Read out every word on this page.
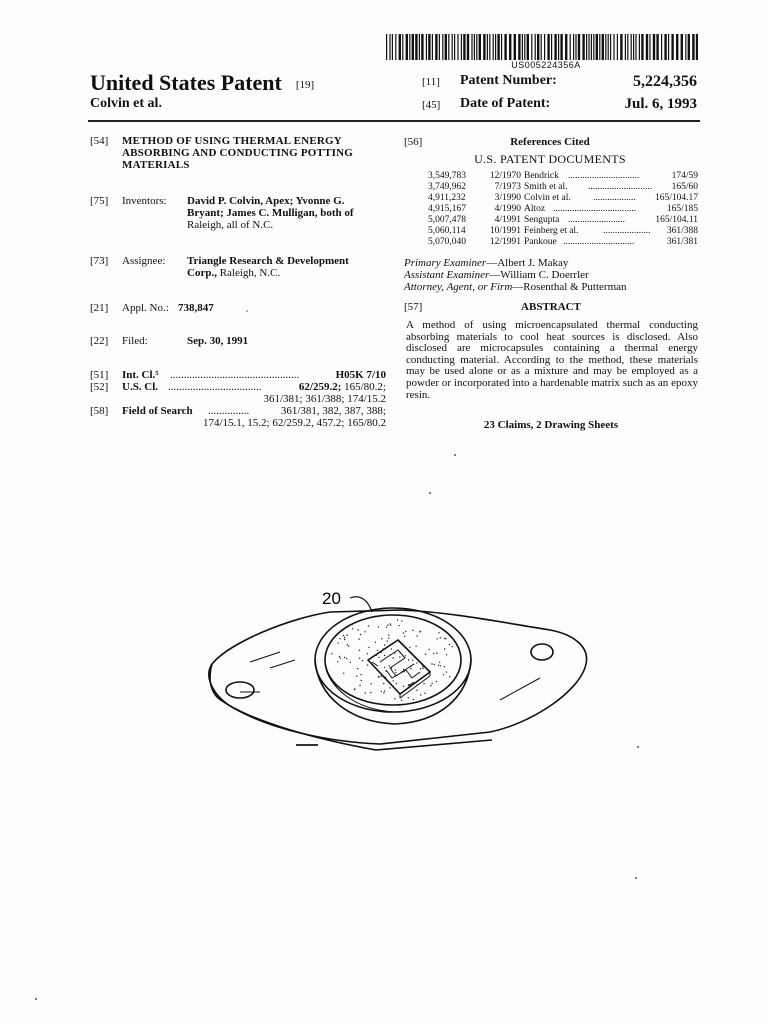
US005224356A
United States Patent [19]
Colvin et al.
[11] Patent Number:	5,224,356
[45] Date of Patent:	Jul. 6, 1993
[54] METHOD OF USING THERMAL ENERGY
ABSORBING AND CONDUCTING POTTING
MATERIALS
[75] Inventors: David P. Colvin, Apex; Yvonne G.
Bryant; James C. Mulligan, both of
Raleigh, all of N.C.
[73] Assignee: Triangle Research & Development
Corp., Raleigh, N.C.
[21] Appl. No.: 738,847
[22] Filed:	Sep. 30, 1991
[51] Int. Cl.⁵ ...............................................	H05K 7/10
[52] U.S. Cl. ..................................	62/259.2; 165/80.2;
361/381; 361/388; 174/15.2
[58] Field of Search ...............	361/381, 382, 387, 388;
174/15.1, 15.2; 62/259.2, 457.2; 165/80.2
[56]	References Cited
U.S. PATENT DOCUMENTS
3,549,783	12/1970 Bendrick	174/59
..............................
3,749,962	7/1973 Smith et al.	165/60
...........................
4,911,232	3/1990 Colvin et al.	165/104.17
..................
4,915,167	4/1990 Altoz	165/185
...................................
5,007,478	4/1991 Sengupta	165/104.11
........................
5,060,114	10/1991 Feinberg et al.	361/388
....................
5,070,040	12/1991 Pankoue	361/381
..............................
Primary Examiner—Albert J. Makay
Assistant Examiner—William C. Doerrler
Attorney, Agent, or Firm—Rosenthal & Putterman
[57]	ABSTRACT
A method of using microencapsulated thermal conducting absorbing materials to cool heat sources is disclosed. Also disclosed are microcapsules containing a thermal energy conducting material. According to the method, these materials may be used alone or as a mixture and may be employed as a powder or incorporated into a hardenable matrix such as an epoxy resin.
23 Claims, 2 Drawing Sheets
20
